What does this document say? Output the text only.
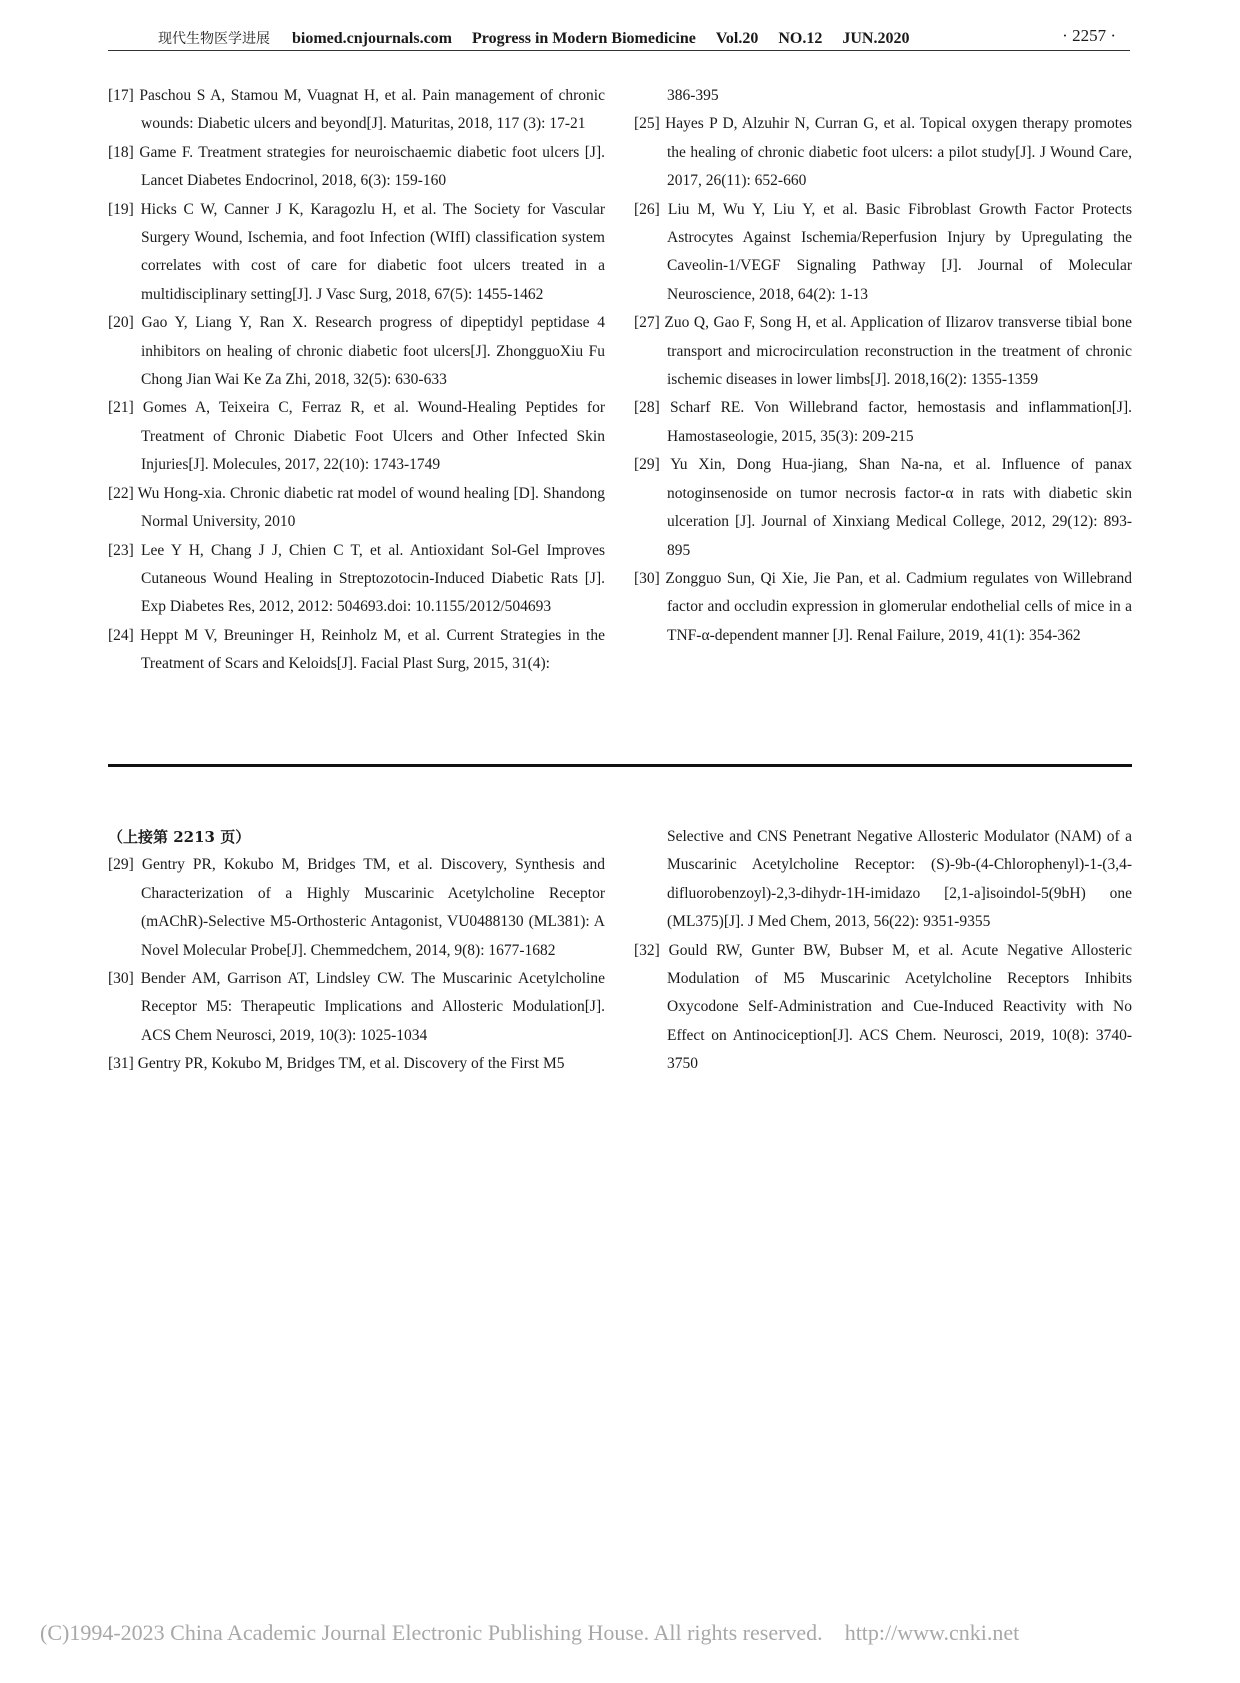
现代生物医学进展 biomed.cnjournals.com Progress in Modern Biomedicine Vol.20 NO.12 JUN.2020	· 2257 ·
[17] Paschou S A, Stamou M, Vuagnat H, et al. Pain management of chronic wounds: Diabetic ulcers and beyond[J]. Maturitas, 2018, 117 (3): 17-21
[18] Game F. Treatment strategies for neuroischaemic diabetic foot ulcers [J]. Lancet Diabetes Endocrinol, 2018, 6(3): 159-160
[19] Hicks C W, Canner J K, Karagozlu H, et al. The Society for Vascular Surgery Wound, Ischemia, and foot Infection (WIfI) classification system correlates with cost of care for diabetic foot ulcers treated in a multidisciplinary setting[J]. J Vasc Surg, 2018, 67(5): 1455-1462
[20] Gao Y, Liang Y, Ran X. Research progress of dipeptidyl peptidase 4 inhibitors on healing of chronic diabetic foot ulcers[J]. ZhongguoXiu Fu Chong Jian Wai Ke Za Zhi, 2018, 32(5): 630-633
[21] Gomes A, Teixeira C, Ferraz R, et al. Wound-Healing Peptides for Treatment of Chronic Diabetic Foot Ulcers and Other Infected Skin Injuries[J]. Molecules, 2017, 22(10): 1743-1749
[22] Wu Hong-xia. Chronic diabetic rat model of wound healing [D]. Shandong Normal University, 2010
[23] Lee Y H, Chang J J, Chien C T, et al. Antioxidant Sol-Gel Improves Cutaneous Wound Healing in Streptozotocin-Induced Diabetic Rats [J]. Exp Diabetes Res, 2012, 2012: 504693.doi: 10.1155/2012/504693
[24] Heppt M V, Breuninger H, Reinholz M, et al. Current Strategies in the Treatment of Scars and Keloids[J]. Facial Plast Surg, 2015, 31(4):
386-395
[25] Hayes P D, Alzuhir N, Curran G, et al. Topical oxygen therapy promotes the healing of chronic diabetic foot ulcers: a pilot study[J]. J Wound Care, 2017, 26(11): 652-660
[26] Liu M, Wu Y, Liu Y, et al. Basic Fibroblast Growth Factor Protects Astrocytes Against Ischemia/Reperfusion Injury by Upregulating the Caveolin-1/VEGF Signaling Pathway [J]. Journal of Molecular Neuroscience, 2018, 64(2): 1-13
[27] Zuo Q, Gao F, Song H, et al. Application of Ilizarov transverse tibial bone transport and microcirculation reconstruction in the treatment of chronic ischemic diseases in lower limbs[J]. 2018,16(2): 1355-1359
[28] Scharf RE. Von Willebrand factor, hemostasis and inflammation[J]. Hamostaseologie, 2015, 35(3): 209-215
[29] Yu Xin, Dong Hua-jiang, Shan Na-na, et al. Influence of panax notoginsenoside on tumor necrosis factor-α in rats with diabetic skin ulceration [J]. Journal of Xinxiang Medical College, 2012, 29(12): 893-895
[30] Zongguo Sun, Qi Xie, Jie Pan, et al. Cadmium regulates von Willebrand factor and occludin expression in glomerular endothelial cells of mice in a TNF-α-dependent manner [J]. Renal Failure, 2019, 41(1): 354-362
（上接第 2213 页）
[29] Gentry PR, Kokubo M, Bridges TM, et al. Discovery, Synthesis and Characterization of a Highly Muscarinic Acetylcholine Receptor (mAChR)-Selective M5-Orthosteric Antagonist, VU0488130 (ML381): A Novel Molecular Probe[J]. Chemmedchem, 2014, 9(8): 1677-1682
[30] Bender AM, Garrison AT, Lindsley CW. The Muscarinic Acetylcholine Receptor M5: Therapeutic Implications and Allosteric Modulation[J]. ACS Chem Neurosci, 2019, 10(3): 1025-1034
[31] Gentry PR, Kokubo M, Bridges TM, et al. Discovery of the First M5
Selective and CNS Penetrant Negative Allosteric Modulator (NAM) of a Muscarinic Acetylcholine Receptor: (S)-9b-(4-Chlorophenyl)-1-(3,4- difluorobenzoyl)-2,3-dihydr-1H-imidazo [2,1-a]isoindol-5(9bH) one (ML375)[J]. J Med Chem, 2013, 56(22): 9351-9355
[32] Gould RW, Gunter BW, Bubser M, et al. Acute Negative Allosteric Modulation of M5 Muscarinic Acetylcholine Receptors Inhibits Oxycodone Self-Administration and Cue-Induced Reactivity with No Effect on Antinociception[J]. ACS Chem. Neurosci, 2019, 10(8): 3740-3750
(C)1994-2023 China Academic Journal Electronic Publishing House. All rights reserved. http://www.cnki.net
